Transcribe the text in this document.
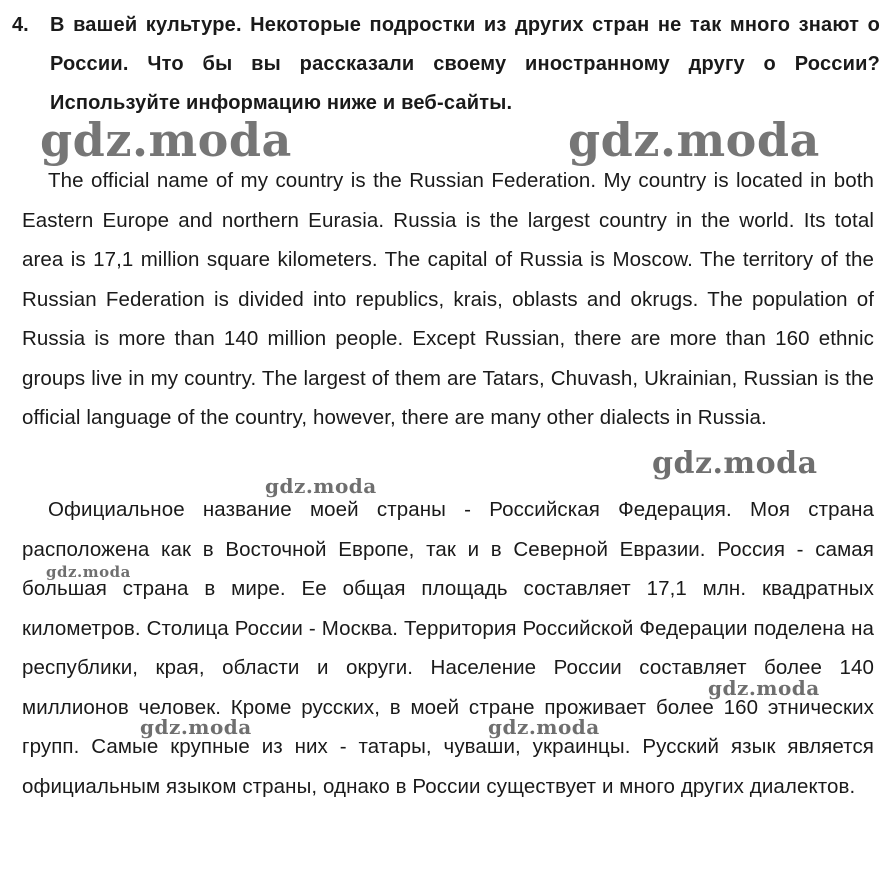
4. В вашей культуре. Некоторые подростки из других стран не так много знают о России. Что бы вы рассказали своему иностранному другу о России? Используйте информацию ниже и веб-сайты.

The official name of my country is the Russian Federation. My country is located in both Eastern Europe and northern Eurasia. Russia is the largest country in the world. Its total area is 17,1 million square kilometers. The capital of Russia is Moscow. The territory of the Russian Federation is divided into republics, krais, oblasts and okrugs. The population of Russia is more than 140 million people. Except Russian, there are more than 160 ethnic groups live in my country. The largest of them are Tatars, Chuvash, Ukrainian, Russian is the official language of the country, however, there are many other dialects in Russia.

Официальное название моей страны - Российская Федерация. Моя страна расположена как в Восточной Европе, так и в Северной Евразии. Россия - самая большая страна в мире. Ее общая площадь составляет 17,1 млн. квадратных километров. Столица России - Москва. Территория Российской Федерации поделена на республики, края, области и округи. Население России составляет более 140 миллионов человек. Кроме русских, в моей стране проживает более 160 этнических групп. Самые крупные из них - татары, чуваши, украинцы. Русский язык является официальным языком страны, однако в России существует и много других диалектов.

gdz.moda	gdz.moda
gdz.moda
gdz.moda
gdz.moda
gdz.moda
gdz.moda	gdz.moda
